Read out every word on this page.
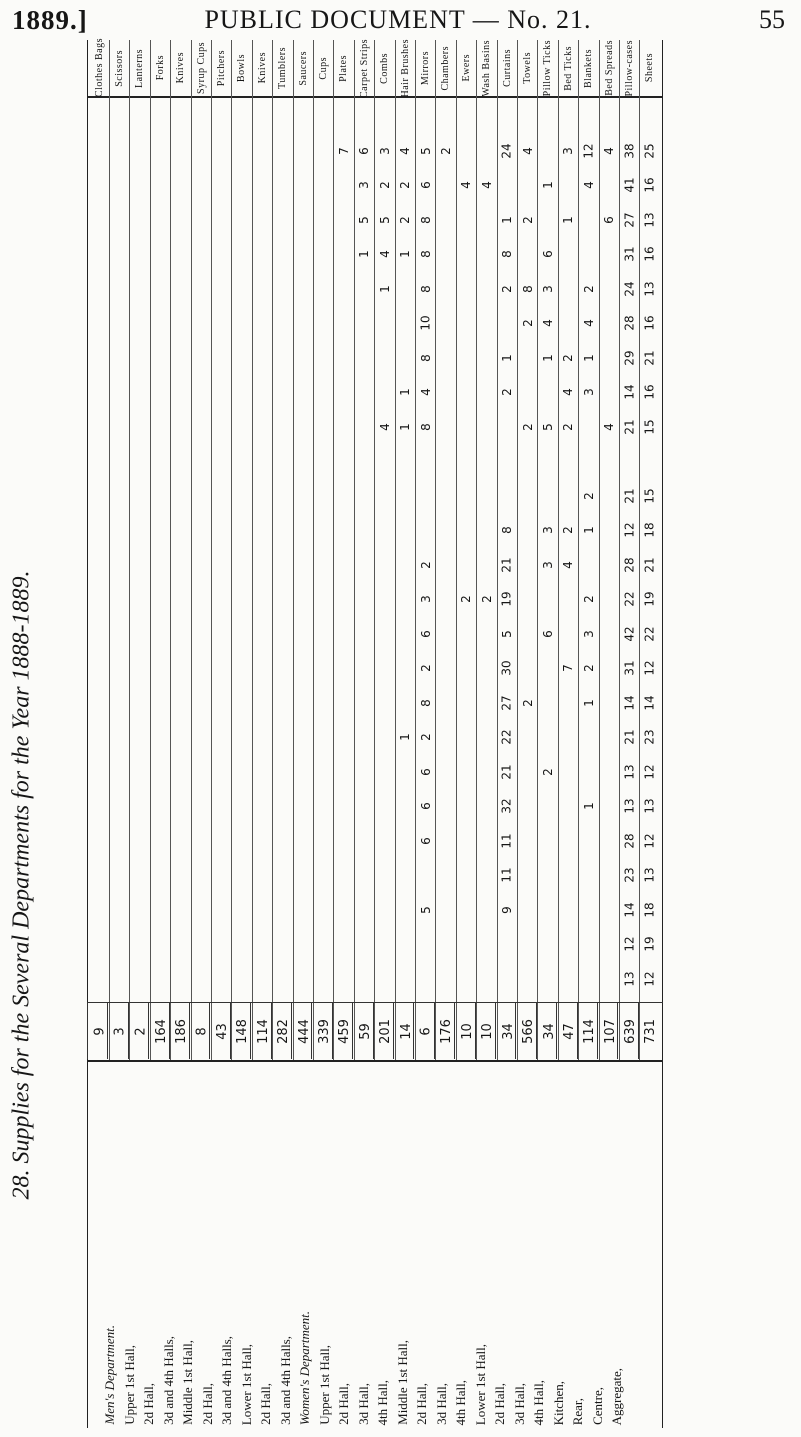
1889.]	PUBLIC DOCUMENT — No. 21.	55
28. Supplies for the Several Departments for the Year 1888-1889.
Sheets
25
16
13
16
13
16
21
16
15
15
18
21
19
22
12
14
23
12
13
12
13
18
19
12
731
Pillow-cases
38
41
27
31
24
28
29
14
21
21
12
28
22
42
31
14
21
13
13
28
23
14
12
13
639
Bed Spreads
4
6
4
107
Blankets
12
4
2
4
1
3
2
1
2
3
2
1
1
114
Bed Ticks
3
1
2
4
2
2
4
7
47
Pillow Ticks
1
6
3
4
1
5
3
3
6
2
34
Towels
4
2
8
2
2
2
566
Curtains
24
1
8
2
1
2
8
21
19
5
30
27
22
21
32
11
11
9
34
Wash Basins
4
2
10
Ewers
4
2
10
Chambers
2
176
Mirrors
5
6
8
8
8
10
8
4
8
2
3
6
2
8
2
6
6
6
5
6
Hair Brushes
4
2
2
1
1
1
1
14
Combs
3
2
5
4
1
4
201
Carpet Strips
6
3
5
1
59
Plates
7
459
Cups
339
Saucers
444
Tumblers
282
Knives
114
Bowls
148
Pitchers
43
Syrup Cups
8
Knives
186
Forks
164
Lanterns
2
Scissors
3
Clothes Bags
9
Men's Department. Upper 1st Hall, 2d Hall, 3d and 4th Halls, Middle 1st Hall, 2d Hall, 3d and 4th Halls, Lower 1st Hall, 2d Hall, 3d and 4th Halls, Women's Department. Upper 1st Hall, 2d Hall, 3d Hall, 4th Hall, Middle 1st Hall, 2d Hall, 3d Hall, 4th Hall, Lower 1st Hall, 2d Hall, 3d Hall, 4th Hall, Kitchen, Rear, Centre, Aggregate,
